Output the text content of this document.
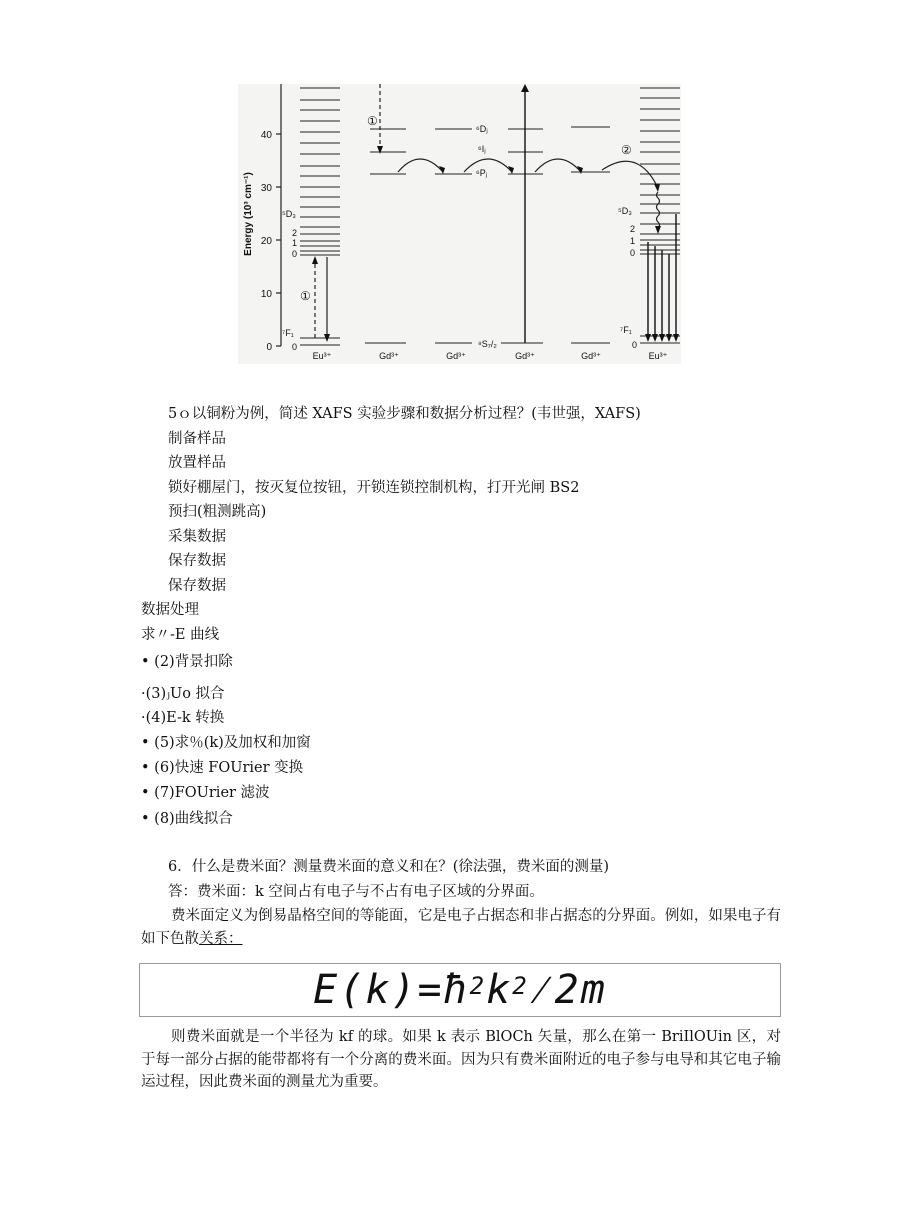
40
30
20
10
0
Energy (10³ cm⁻¹)	⁵D₃
2
1
0
⁷F₁
0
①
①
⁶Dⱼ
⁶Iⱼ
⁶Pⱼ
⁸S₇/₂
②
⁵D₃
2
1
0
⁷F₁
0
Eu³⁺	Gd³⁺	Gd³⁺	Gd³⁺	Gd³⁺	Eu³⁺
5ｏ以铜粉为例，简述 XAFS 实验步骤和数据分析过程？(韦世强，XAFS)
制备样品
放置样品
锁好棚屋门，按灭复位按钮，开锁连锁控制机构，打开光闸 BS2
预扫(粗测跳高)
采集数据
保存数据
保存数据
数据处理
求〃-E 曲线
• (2)背景扣除
·(3)ⱼUo 拟合
·(4)E-k 转换
• (5)求％(k)及加权和加窗
• (6)快速 FOUrier 变换
• (7)FOUrier 滤波
• (8)曲线拟合
6．什么是费米面？测量费米面的意义和在？(徐法强，费米面的测量)
答：费米面：k 空间占有电子与不占有电子区域的分界面。
费米面定义为倒易晶格空间的等能面，它是电子占据态和非占据态的分界面。例如，如果电子有如下色散关系：
$E(k)=ħ^2k^2⁄2m$
则费米面就是一个半径为 kf 的球。如果 k 表示 BlOCh 矢量，那么在第一 BriIlOUin 区，对于每一部分占据的能带都将有一个分离的费米面。因为只有费米面附近的电子参与电导和其它电子输运过程，因此费米面的测量尤为重要。
